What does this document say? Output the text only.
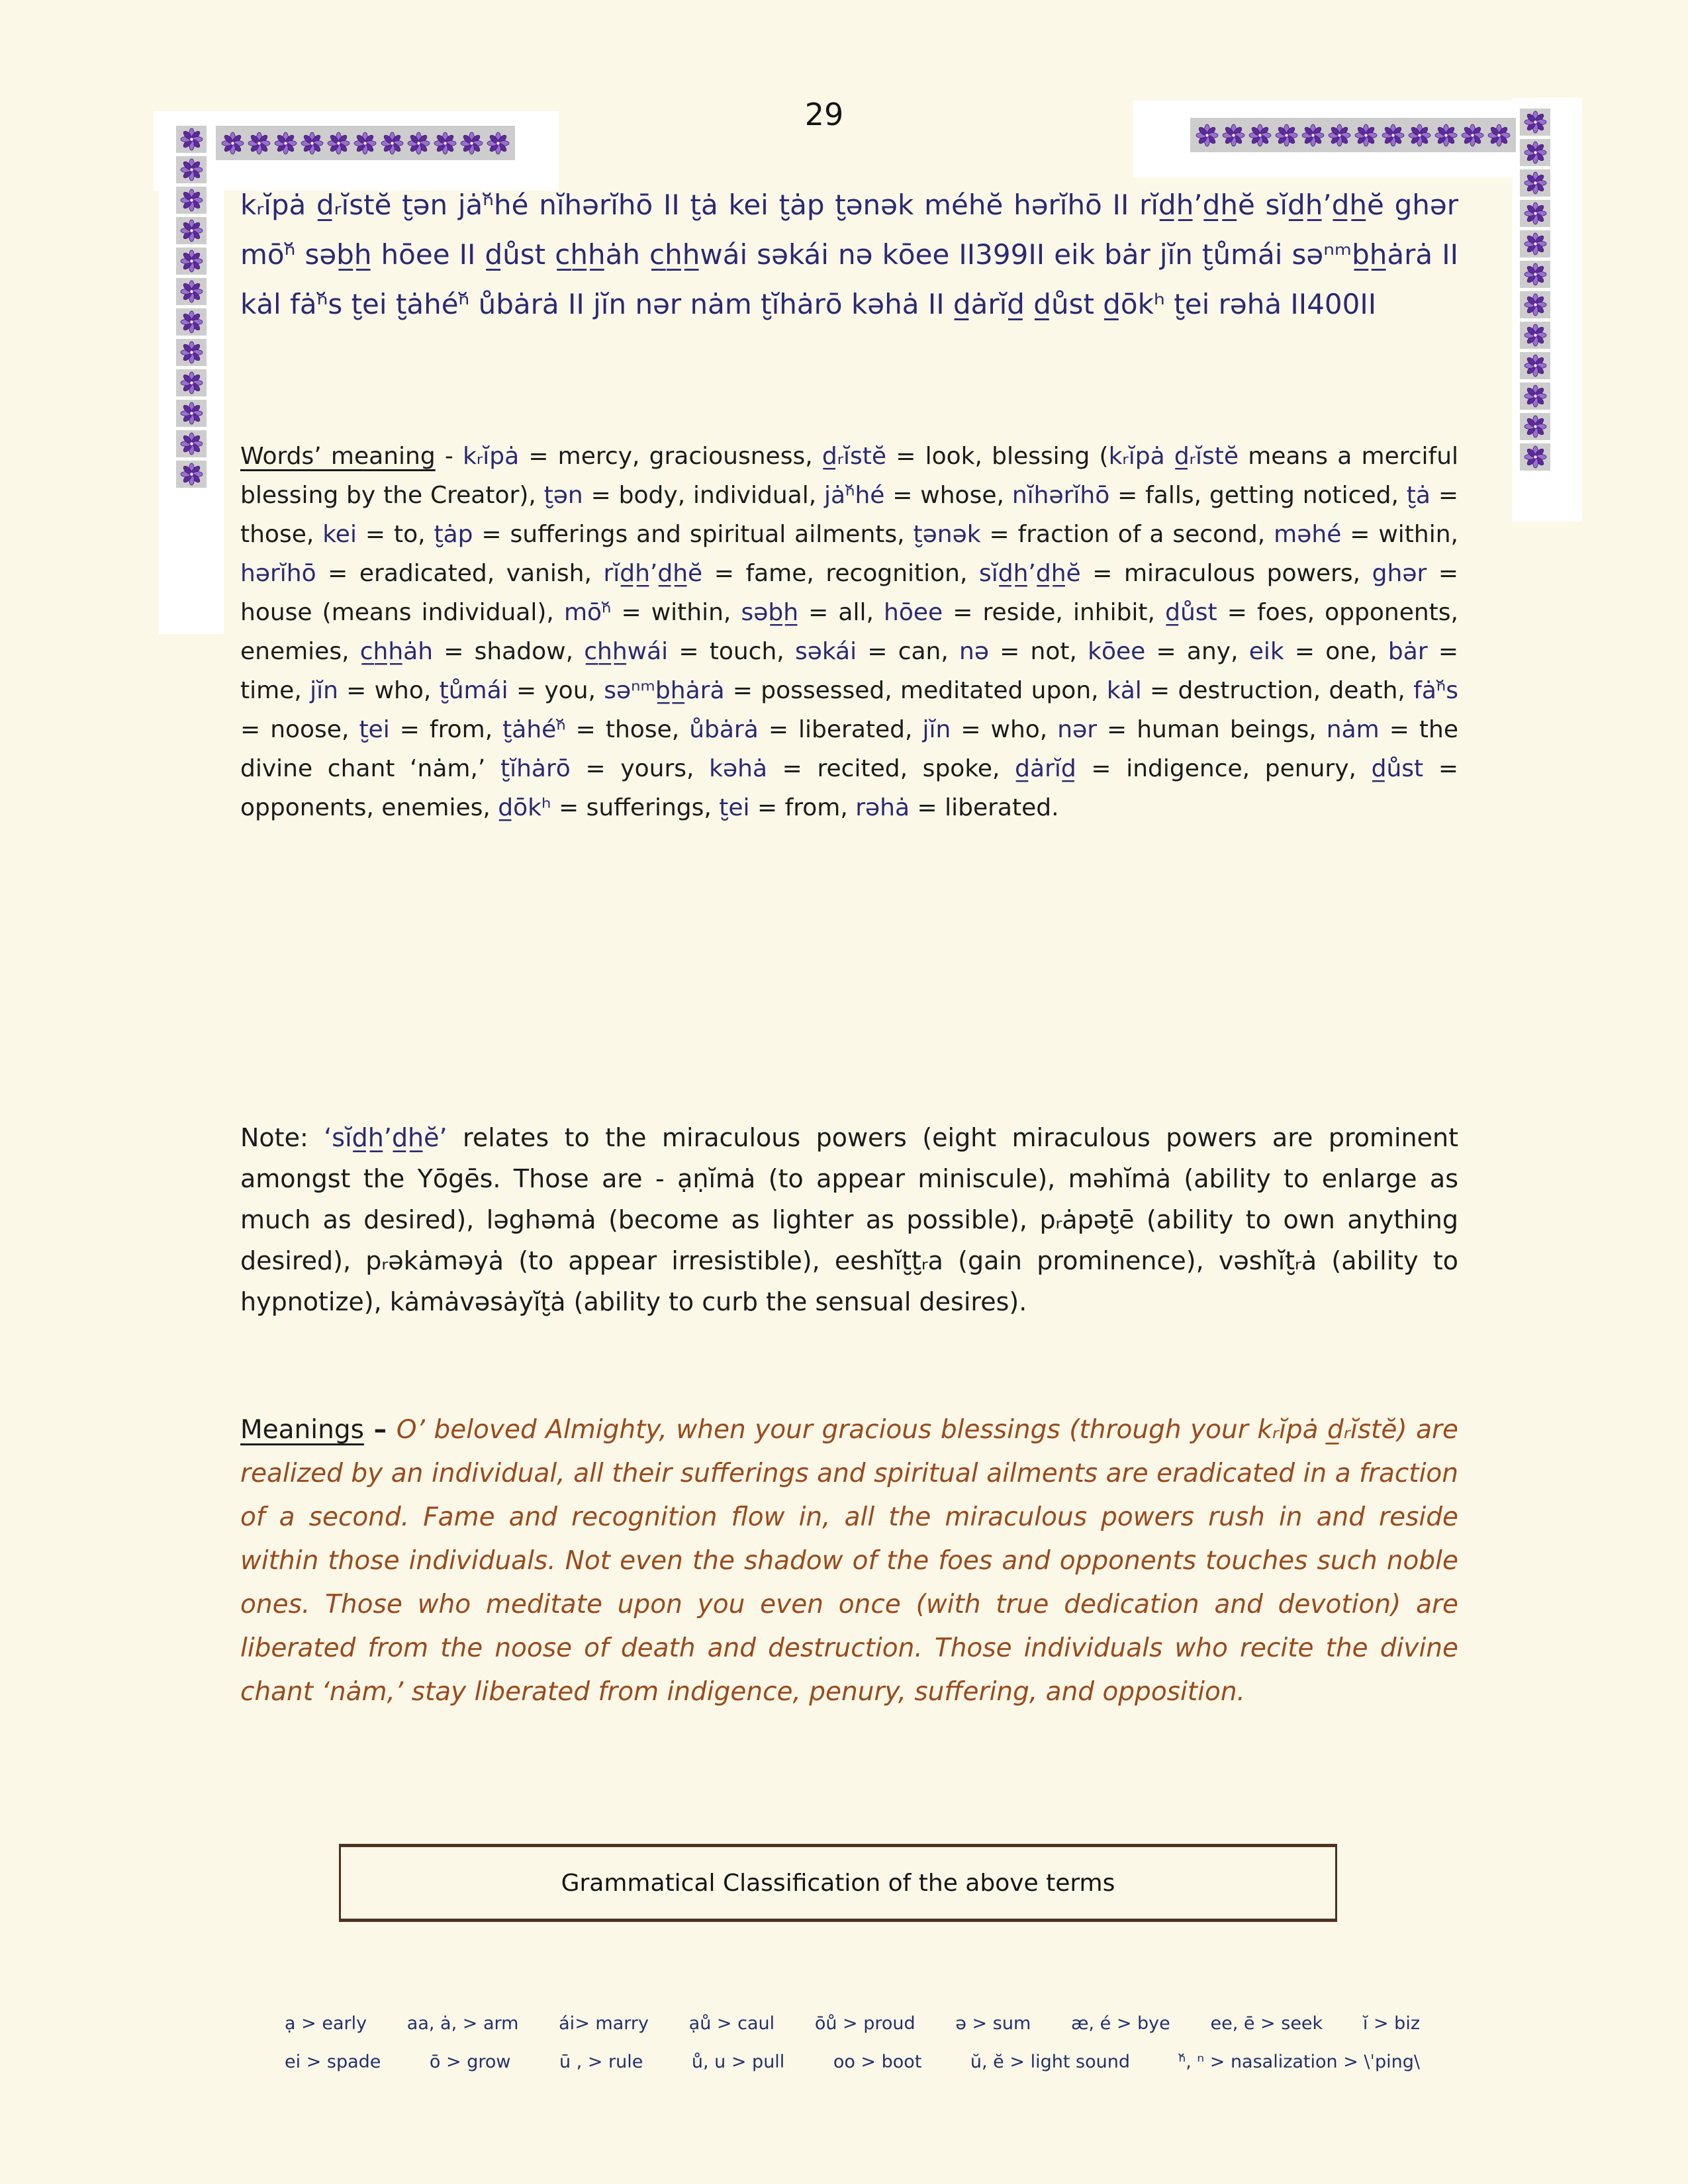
29

kᵣĭpȧ d̲ᵣĭstĕ t̮ən jȧⁿ̆hé nĭhərĭhō II t̮ȧ kei t̮ȧp t̮ənək méhĕ hərĭhō II rĭd̲h̲’d̲h̲ĕ sĭd̲h̲’d̲h̲ĕ ghər mōⁿ̆ səb̲h̲ hōee II d̲ůst c̲h̲h̲ȧh c̲h̲h̲wái səkái nə kōee II399II eik bȧr jĭn t̮ůmái səⁿᵐb̲h̲ȧrȧ II kȧl fȧⁿ̆s t̮ei t̮ȧhéⁿ̆ ůbȧrȧ II jĭn nər nȧm t̮ĭhȧrō kəhȧ II d̲ȧrĭd̲ d̲ůst d̲ōkʰ t̮ei rəhȧ II400II

Words’ meaning - kᵣĭpȧ = mercy, graciousness, d̲ᵣĭstĕ = look, blessing (kᵣĭpȧ d̲ᵣĭstĕ means a merciful blessing by the Creator), t̮ən = body, individual, jȧⁿ̆hé = whose, nĭhərĭhō = falls, getting noticed, t̮ȧ = those, kei = to, t̮ȧp = sufferings and spiritual ailments, t̮ənək = fraction of a second, məhé = within, hərĭhō = eradicated, vanish, rĭd̲h̲’d̲h̲ĕ = fame, recognition, sĭd̲h̲’d̲h̲ĕ = miraculous powers, ghər = house (means individual), mōⁿ̆ = within, səb̲h̲ = all, hōee = reside, inhibit, d̲ůst = foes, opponents, enemies, c̲h̲h̲ȧh = shadow, c̲h̲h̲wái = touch, səkái = can, nə = not, kōee = any, eik = one, bȧr = time, jĭn = who, t̮ůmái = you, səⁿᵐb̲h̲ȧrȧ = possessed, meditated upon, kȧl = destruction, death, fȧⁿ̆s = noose, t̮ei = from, t̮ȧhéⁿ̆ = those, ůbȧrȧ = liberated, jĭn = who, nər = human beings, nȧm = the divine chant ‘nȧm,’ t̮ĭhȧrō = yours, kəhȧ = recited, spoke, d̲ȧrĭd̲ = indigence, penury, d̲ůst = opponents, enemies, d̲ōkʰ = sufferings, t̮ei = from, rəhȧ = liberated.

Note: ‘sĭd̲h̲’d̲h̲ĕ’ relates to the miraculous powers (eight miraculous powers are prominent amongst the Yōgēs. Those are - ạṇĭmȧ (to appear miniscule), məhĭmȧ (ability to enlarge as much as desired), ləghəmȧ (become as lighter as possible), pᵣȧpət̮ē (ability to own anything desired), pᵣəkȧməyȧ (to appear irresistible), eeshĭt̮t̮ᵣa (gain prominence), vəshĭt̮ᵣȧ (ability to hypnotize), kȧmȧvəsȧyĭt̮ȧ (ability to curb the sensual desires).

Meanings – O’ beloved Almighty, when your gracious blessings (through your kᵣĭpȧ d̲ᵣĭstĕ) are realized by an individual, all their sufferings and spiritual ailments are eradicated in a fraction of a second. Fame and recognition flow in, all the miraculous powers rush in and reside within those individuals. Not even the shadow of the foes and opponents touches such noble ones. Those who meditate upon you even once (with true dedication and devotion) are liberated from the noose of death and destruction. Those individuals who recite the divine chant ‘nȧm,’ stay liberated from indigence, penury, suffering, and opposition.

Grammatical Classification of the above terms
ạ > early aa, ȧ, > arm ái> marry ạů > caul ōů > proud ə > sum æ, é > bye ee, ē > seek ĭ > biz
ei > spade	ō > grow	ū , > rule	ů, u > pull	oo > boot	ŭ, ĕ > light sound	ⁿ̆, ⁿ > nasalization > \ˈping\
